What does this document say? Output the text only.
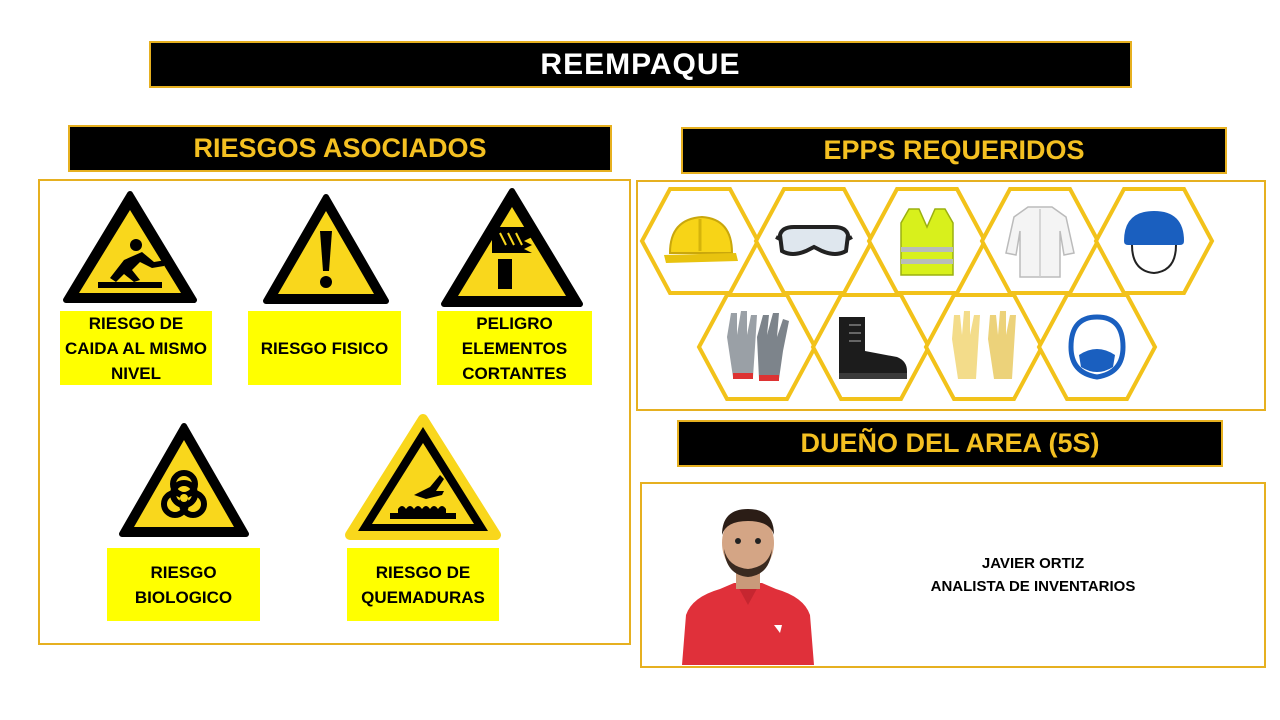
REEMPAQUE
RIESGOS ASOCIADOS	EPPS REQUERIDOS
DUEÑO DEL AREA (5S)
RIESGO DE CAIDA AL MISMO NIVEL
RIESGO FISICO
PELIGRO ELEMENTOS CORTANTES
RIESGO BIOLOGICO
RIESGO DE QUEMADURAS
JAVIER ORTIZ
ANALISTA DE INVENTARIOS
